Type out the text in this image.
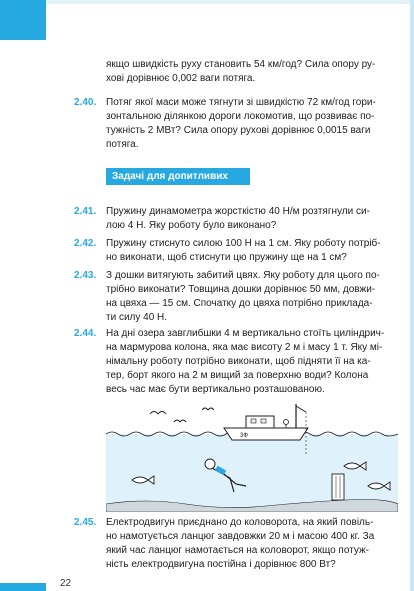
якщо швидкість руху становить 54 км/год? Сила опору ру-
хові дорівнює 0,002 ваги потяга.
2.40. Потяг якої маси може тягнути зі швидкістю 72 км/год гори-
зонтальною ділянкою дороги локомотив, що розвиває по-
тужність 2 МВт? Сила опору руховi дорівнює 0,0015 ваги
потяга.
Задачі для допитливих
2.41. Пружину динамометра жорсткістю 40 Н/м розтягнули си-
лою 4 Н. Яку роботу було виконано?
2.42. Пружину стиснуто силою 100 Н на 1 см. Яку роботу потріб-
но виконати, щоб стиснути цю пружину ще на 1 см?
2.43. З дошки витягують забитий цвях. Яку роботу для цього по-
трібно виконати? Товщина дошки дорівнює 50 мм, довжи-
на цвяха — 15 см. Спочатку до цвяха потрібно приклада-
ти силу 40 Н.
2.44. На дні озера завглибшки 4 м вертикально стоїть циліндрич-
на мармурова колона, яка має висоту 2 м і масу 1 т. Яку мі-
німальну роботу потрібно виконати, щоб підняти її на ка-
тер, борт якого на 2 м вищий за поверхню води? Колона
весь час має бути вертикально розташованою.
3Ф
2.45. Електродвигун приєднано до коловорота, на який повіль-
но намотується ланцюг завдовжки 20 м і масою 400 кг. За
який час ланцюг намотається на коловорот, якщо потуж-
ність електродвигуна постійна і дорівнює 800 Вт?
22
